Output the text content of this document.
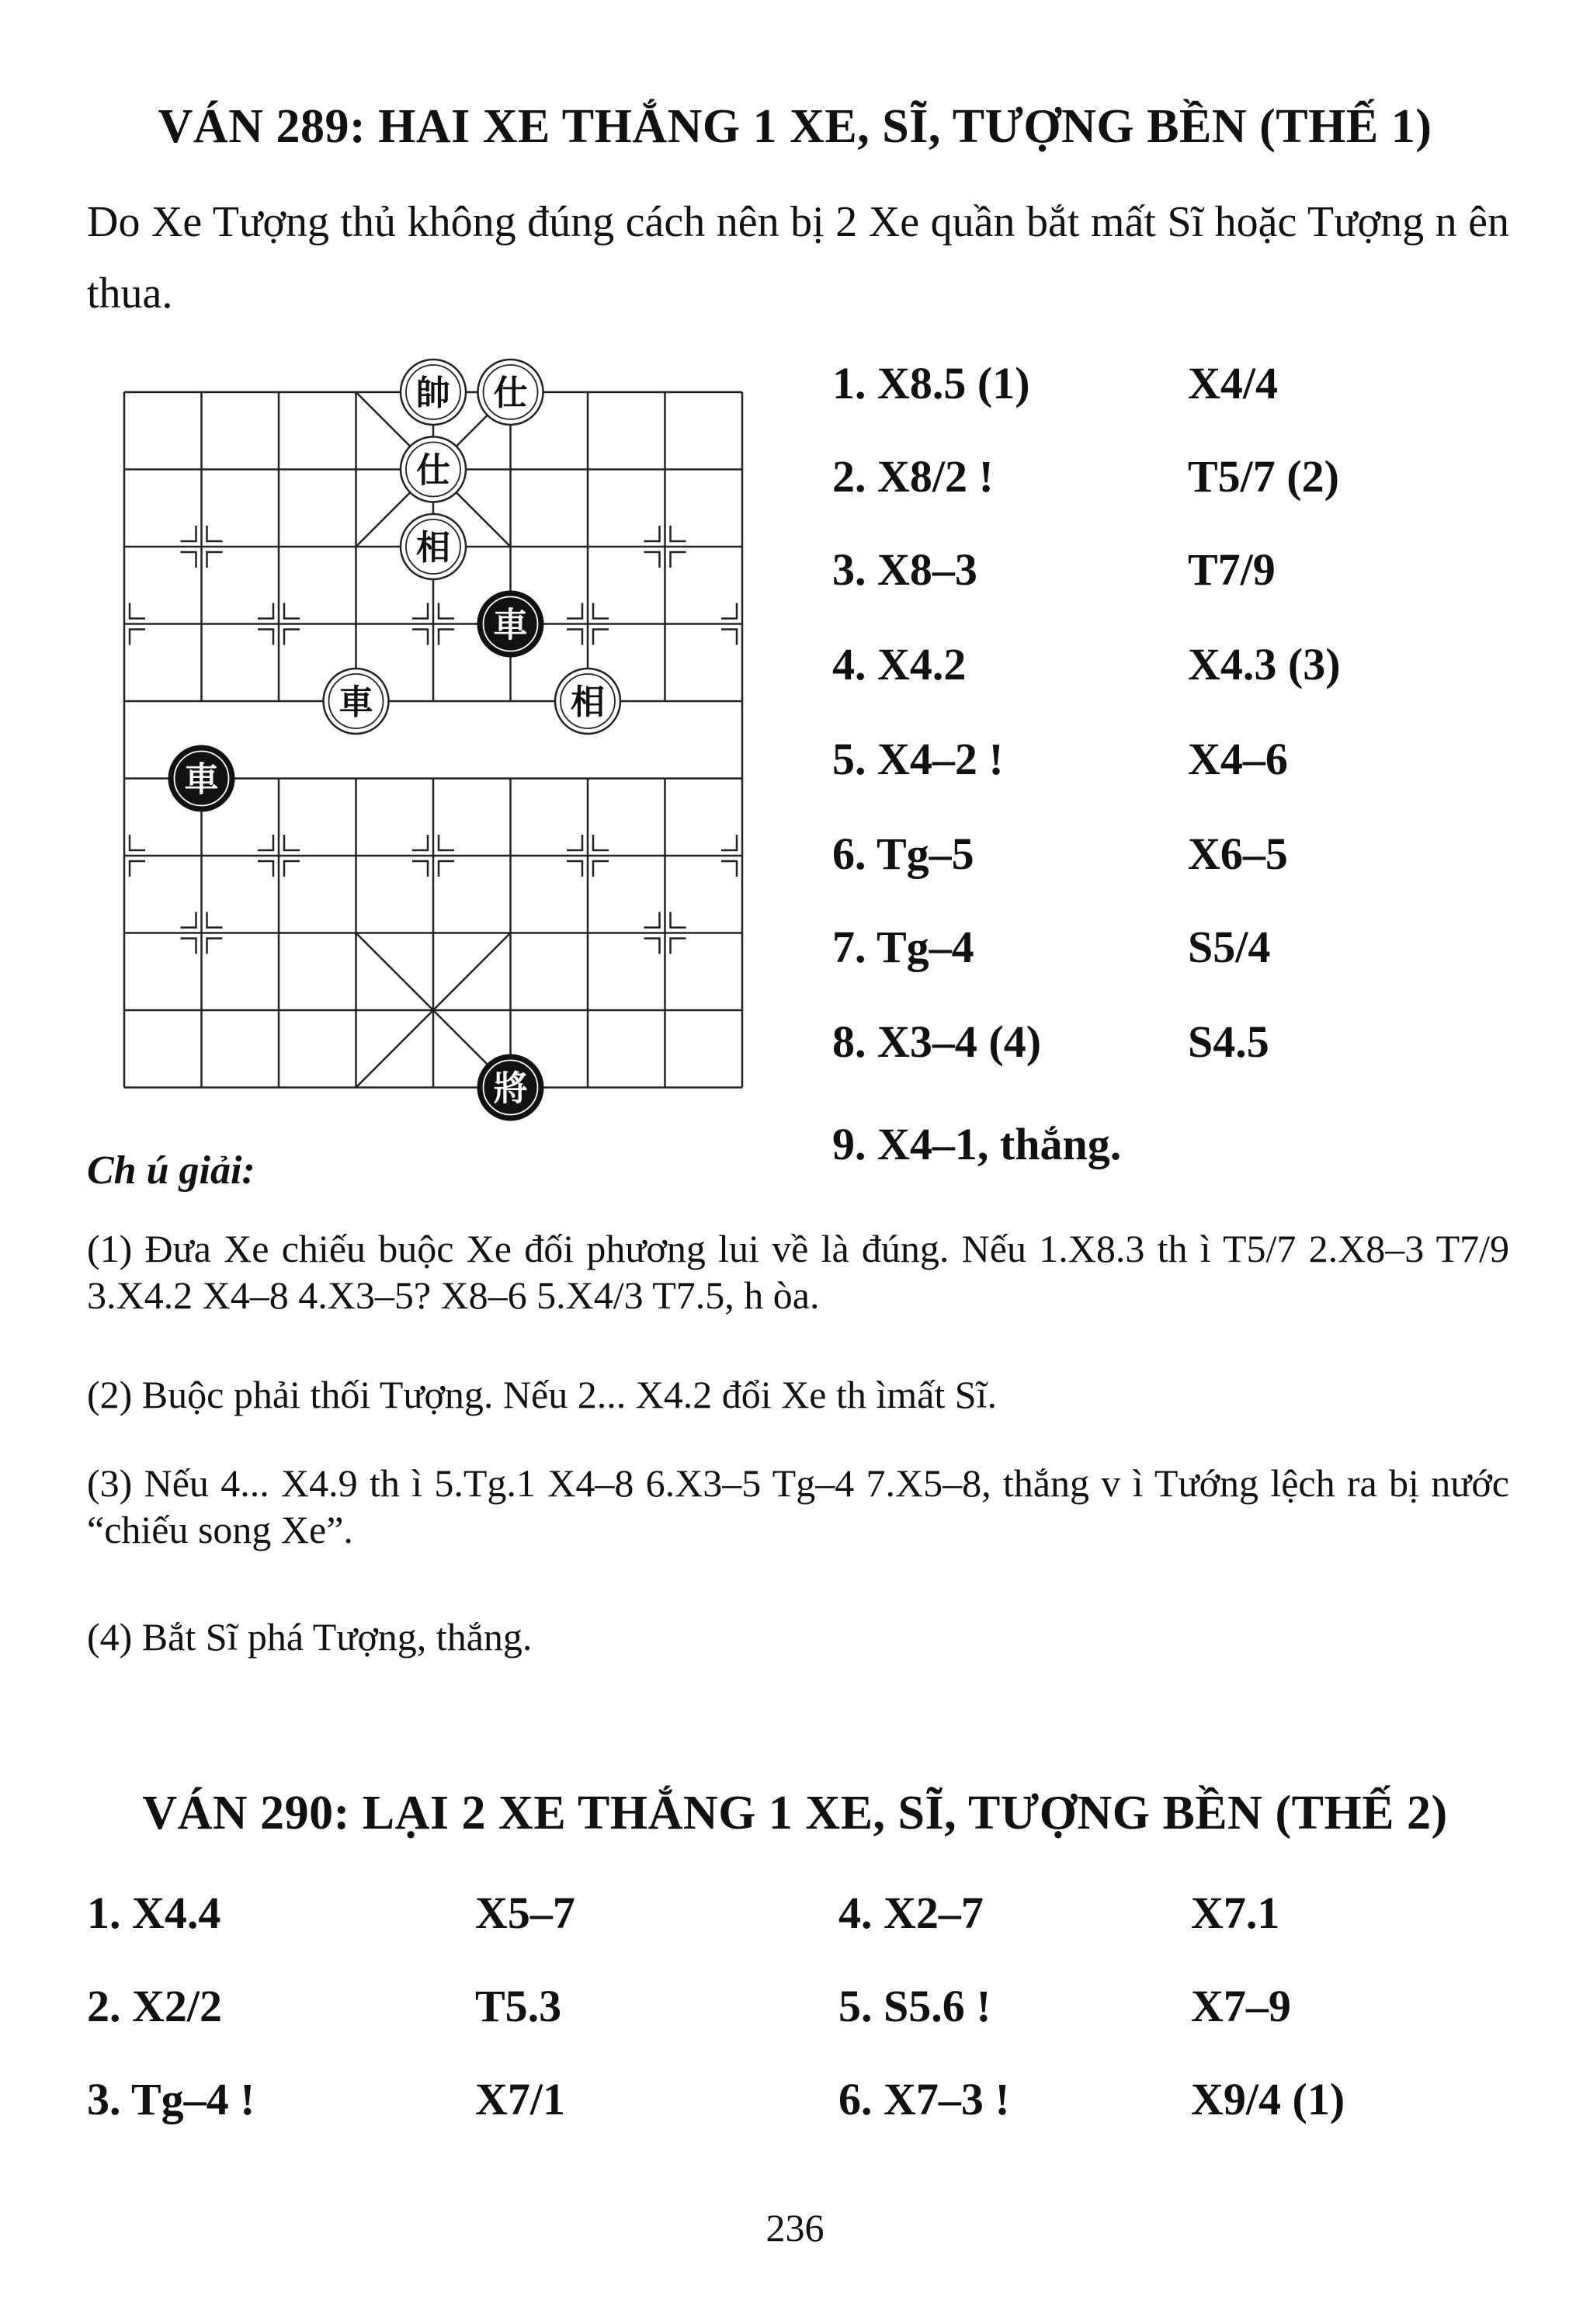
VÁN 289: HAI XE THẮNG 1 XE, SĨ, TƯỢNG BỀN (THẾ 1)
Do Xe Tượng thủ không đúng cách nên bị 2 Xe quần bắt mất Sĩ hoặc Tượng n ên thua.
帥 仕
仕
相
車
車	相
車
將
1. X8.5 (1)	X4/4
2. X8/2 !	T5/7 (2)
3. X8–3	T7/9
4. X4.2	X4.3 (3)
5. X4–2 !	X4–6
6. Tg–5	X6–5
7. Tg–4	S5/4
8. X3–4 (4)	S4.5
9. X4–1, thắng.
Ch ú giải:
(1) Đưa Xe chiếu buộc Xe đối phương lui về là đúng. Nếu 1.X8.3 th ì T5/7 2.X8–3 T7/9 3.X4.2 X4–8 4.X3–5? X8–6 5.X4/3 T7.5, h òa.
(2) Buộc phải thối Tượng. Nếu 2... X4.2 đổi Xe th ìmất Sĩ.
(3) Nếu 4... X4.9 th ì 5.Tg.1 X4–8 6.X3–5 Tg–4 7.X5–8, thắng v ì Tướng lệch ra bị nước “chiếu song Xe”.
(4) Bắt Sĩ phá Tượng, thắng.
VÁN 290: LẠI 2 XE THẮNG 1 XE, SĨ, TƯỢNG BỀN (THẾ 2)
1. X4.4	X5–7	4. X2–7	X7.1
2. X2/2	T5.3	5. S5.6 !	X7–9
3. Tg–4 !	X7/1	6. X7–3 !	X9/4 (1)
236
